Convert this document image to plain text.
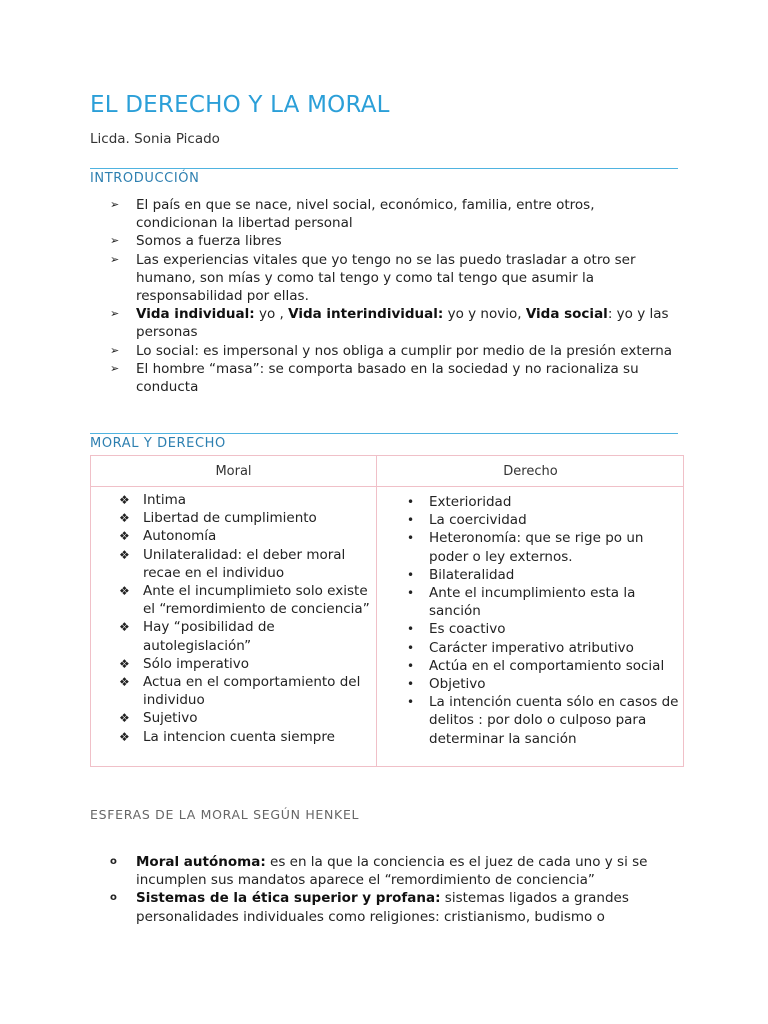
EL DERECHO Y LA MORAL
Licda. Sonia Picado
INTRODUCCIÓN
➢ El país en que se nace, nivel social, económico, familia, entre otros, condicionan la libertad personal
➢ Somos a fuerza libres
➢ Las experiencias vitales que yo tengo no se las puedo trasladar a otro ser humano, son mías y como tal tengo y como tal tengo que asumir la responsabilidad por ellas.
➢ Vida individual: yo , Vida interindividual: yo y novio, Vida social: yo y las personas
➢ Lo social: es impersonal y nos obliga a cumplir por medio de la presión externa
➢ El hombre “masa”: se comporta basado en la sociedad y no racionaliza su conducta
MORAL Y DERECHO
Moral	Derecho
❖ Intima
❖ Libertad de cumplimiento
❖ Autonomía
❖ Unilateralidad: el deber moral recae en el individuo
❖ Ante el incumplimieto solo existe el “remordimiento de conciencia”
❖ Hay “posibilidad de autolegislación”
❖ Sólo imperativo
❖ Actua en el comportamiento del individuo
❖ Sujetivo
❖ La intencion cuenta siempre
• Exterioridad
• La coercividad
• Heteronomía: que se rige po un poder o ley externos.
• Bilateralidad
• Ante el incumplimiento esta la sanción
• Es coactivo
• Carácter imperativo atributivo
• Actúa en el comportamiento social
• Objetivo
• La intención cuenta sólo en casos de delitos : por dolo o culposo para determinar la sanción
ESFERAS DE LA MORAL SEGÚN HENKEL
o Moral autónoma: es en la que la conciencia es el juez de cada uno y si se incumplen sus mandatos aparece el “remordimiento de conciencia”
o Sistemas de la ética superior y profana: sistemas ligados a grandes personalidades individuales como religiones: cristianismo, budismo o
